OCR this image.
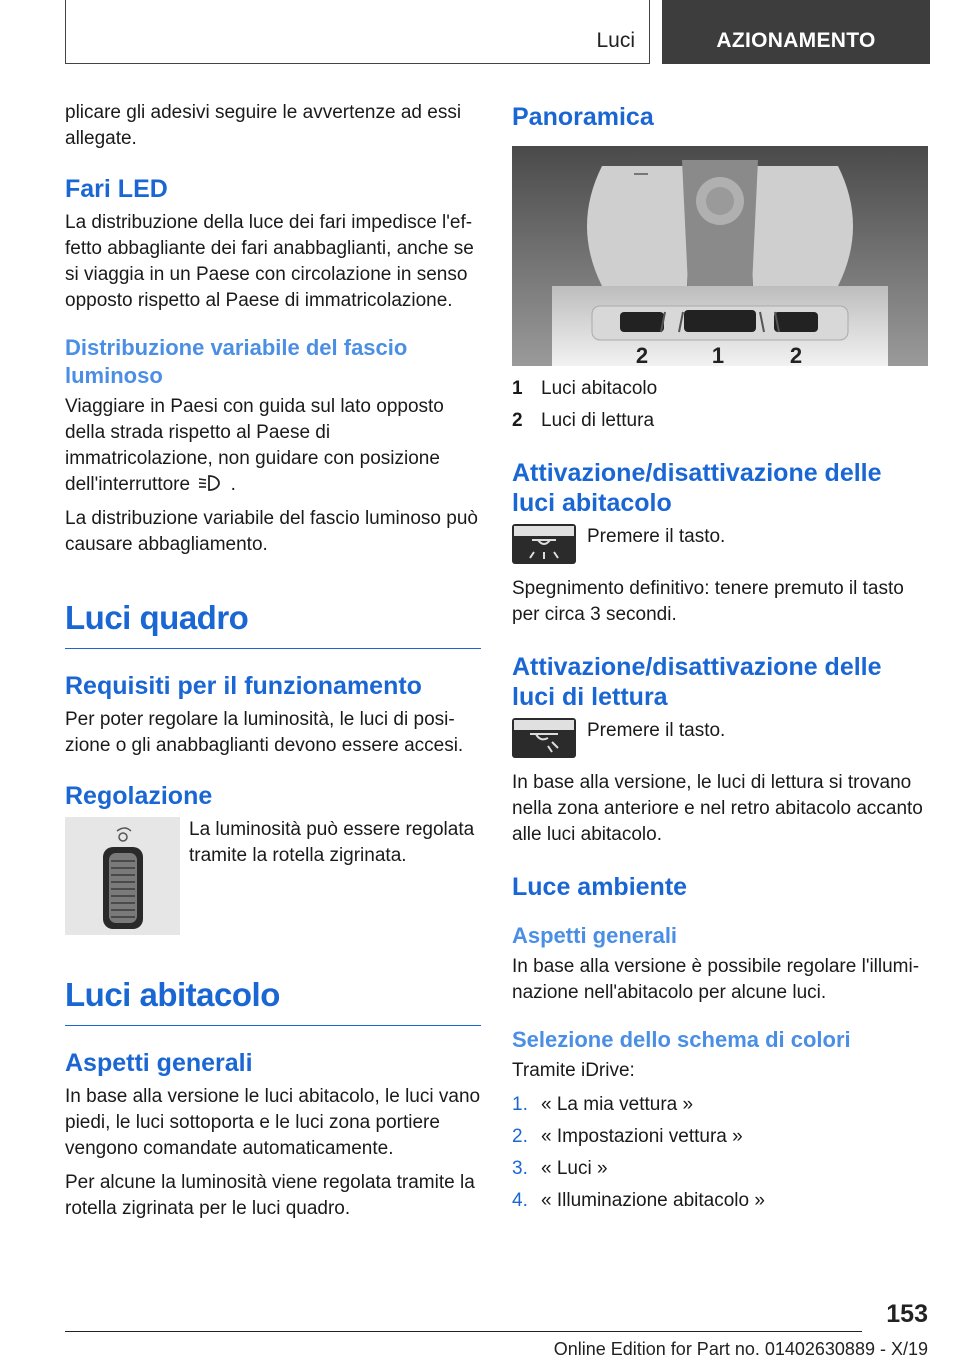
Luci	AZIONAMENTO

plicare gli adesivi seguire le avvertenze ad essi allegate.

Fari LED

La distribuzione della luce dei fari impedisce l'ef-fetto abbagliante dei fari anabbaglianti, anche se si viaggia in un Paese con circolazione in senso opposto rispetto al Paese di immatricolazione.

Distribuzione variabile del fascio luminoso

Viaggiare in Paesi con guida sul lato opposto della strada rispetto al Paese di immatricolazione, non guidare con posizione dell'interruttore .

La distribuzione variabile del fascio luminoso può causare abbagliamento.

Luci quadro
Requisiti per il funzionamento

Per poter regolare la luminosità, le luci di posi-zione o gli anabbaglianti devono essere accesi.

Regolazione

La luminosità può essere regolata tramite la rotella zigrinata.

Luci abitacolo
Aspetti generali

In base alla versione le luci abitacolo, le luci vano piedi, le luci sottoporta e le luci zona portiere vengono comandate automaticamente.

Per alcune la luminosità viene regolata tramite la rotella zigrinata per le luci quadro.

Panoramica
2	1	2
1 Luci abitacolo
2 Luci di lettura
Attivazione/disattivazione delle luci abitacolo
Premere il tasto.

Spegnimento definitivo: tenere premuto il tasto per circa 3 secondi.

Attivazione/disattivazione delle luci di lettura
Premere il tasto.

In base alla versione, le luci di lettura si trovano nella zona anteriore e nel retro abitacolo accanto alle luci abitacolo.

Luce ambiente
Aspetti generali

In base alla versione è possibile regolare l'illumi-nazione nell'abitacolo per alcune luci.

Selezione dello schema di colori

Tramite iDrive:

1. « La mia vettura »
2. « Impostazioni vettura »
3. « Luci »
4. « Illuminazione abitacolo »
153
Online Edition for Part no. 01402630889 - X/19
